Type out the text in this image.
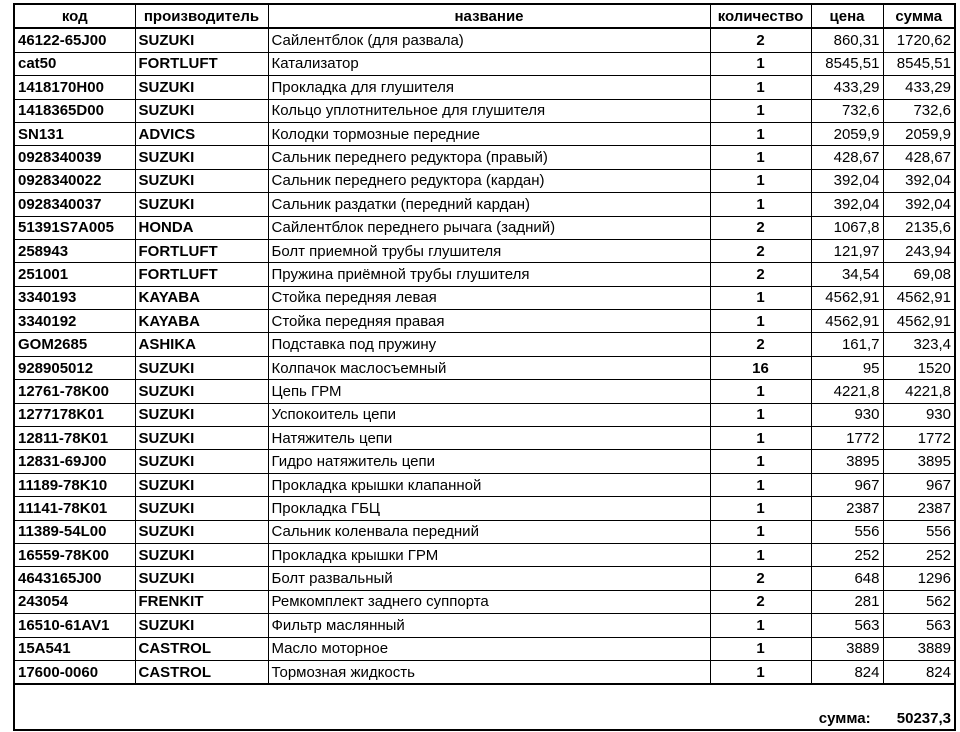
код	производитель	название	количество	цена	сумма
46122-65J00	SUZUKI	Сайлентблок (для развала)	2	860,31	1720,62
cat50	FORTLUFT	Катализатор	1	8545,51	8545,51
1418170H00	SUZUKI	Прокладка для глушителя	1	433,29	433,29
1418365D00	SUZUKI	Кольцо уплотнительное для глушителя	1	732,6	732,6
SN131	ADVICS	Колодки тормозные передние	1	2059,9	2059,9
0928340039	SUZUKI	Сальник переднего редуктора (правый)	1	428,67	428,67
0928340022	SUZUKI	Сальник переднего редуктора (кардан)	1	392,04	392,04
0928340037	SUZUKI	Сальник раздатки (передний кардан)	1	392,04	392,04
51391S7A005	HONDA	Сайлентблок переднего рычага (задний)	2	1067,8	2135,6
258943	FORTLUFT	Болт приемной трубы глушителя	2	121,97	243,94
251001	FORTLUFT	Пружина приёмной трубы глушителя	2	34,54	69,08
3340193	KAYABA	Стойка передняя левая	1	4562,91	4562,91
3340192	KAYABA	Стойка передняя правая	1	4562,91	4562,91
GOM2685	ASHIKA	Подставка под пружину	2	161,7	323,4
928905012	SUZUKI	Колпачок маслосъемный	16	95	1520
12761-78K00	SUZUKI	Цепь ГРМ	1	4221,8	4221,8
1277178K01	SUZUKI	Успокоитель цепи	1	930	930
12811-78K01	SUZUKI	Натяжитель цепи	1	1772	1772
12831-69J00	SUZUKI	Гидро натяжитель цепи	1	3895	3895
11189-78K10	SUZUKI	Прокладка крышки клапанной	1	967	967
11141-78K01	SUZUKI	Прокладка ГБЦ	1	2387	2387
11389-54L00	SUZUKI	Сальник коленвала передний	1	556	556
16559-78K00	SUZUKI	Прокладка крышки ГРМ	1	252	252
4643165J00	SUZUKI	Болт развальный	2	648	1296
243054	FRENKIT	Ремкомплект заднего суппорта	2	281	562
16510-61AV1	SUZUKI	Фильтр маслянный	1	563	563
15A541	CASTROL	Масло моторное	1	3889	3889
17600-0060	CASTROL	Тормозная жидкость	1	824	824
сумма: 50237,3					
